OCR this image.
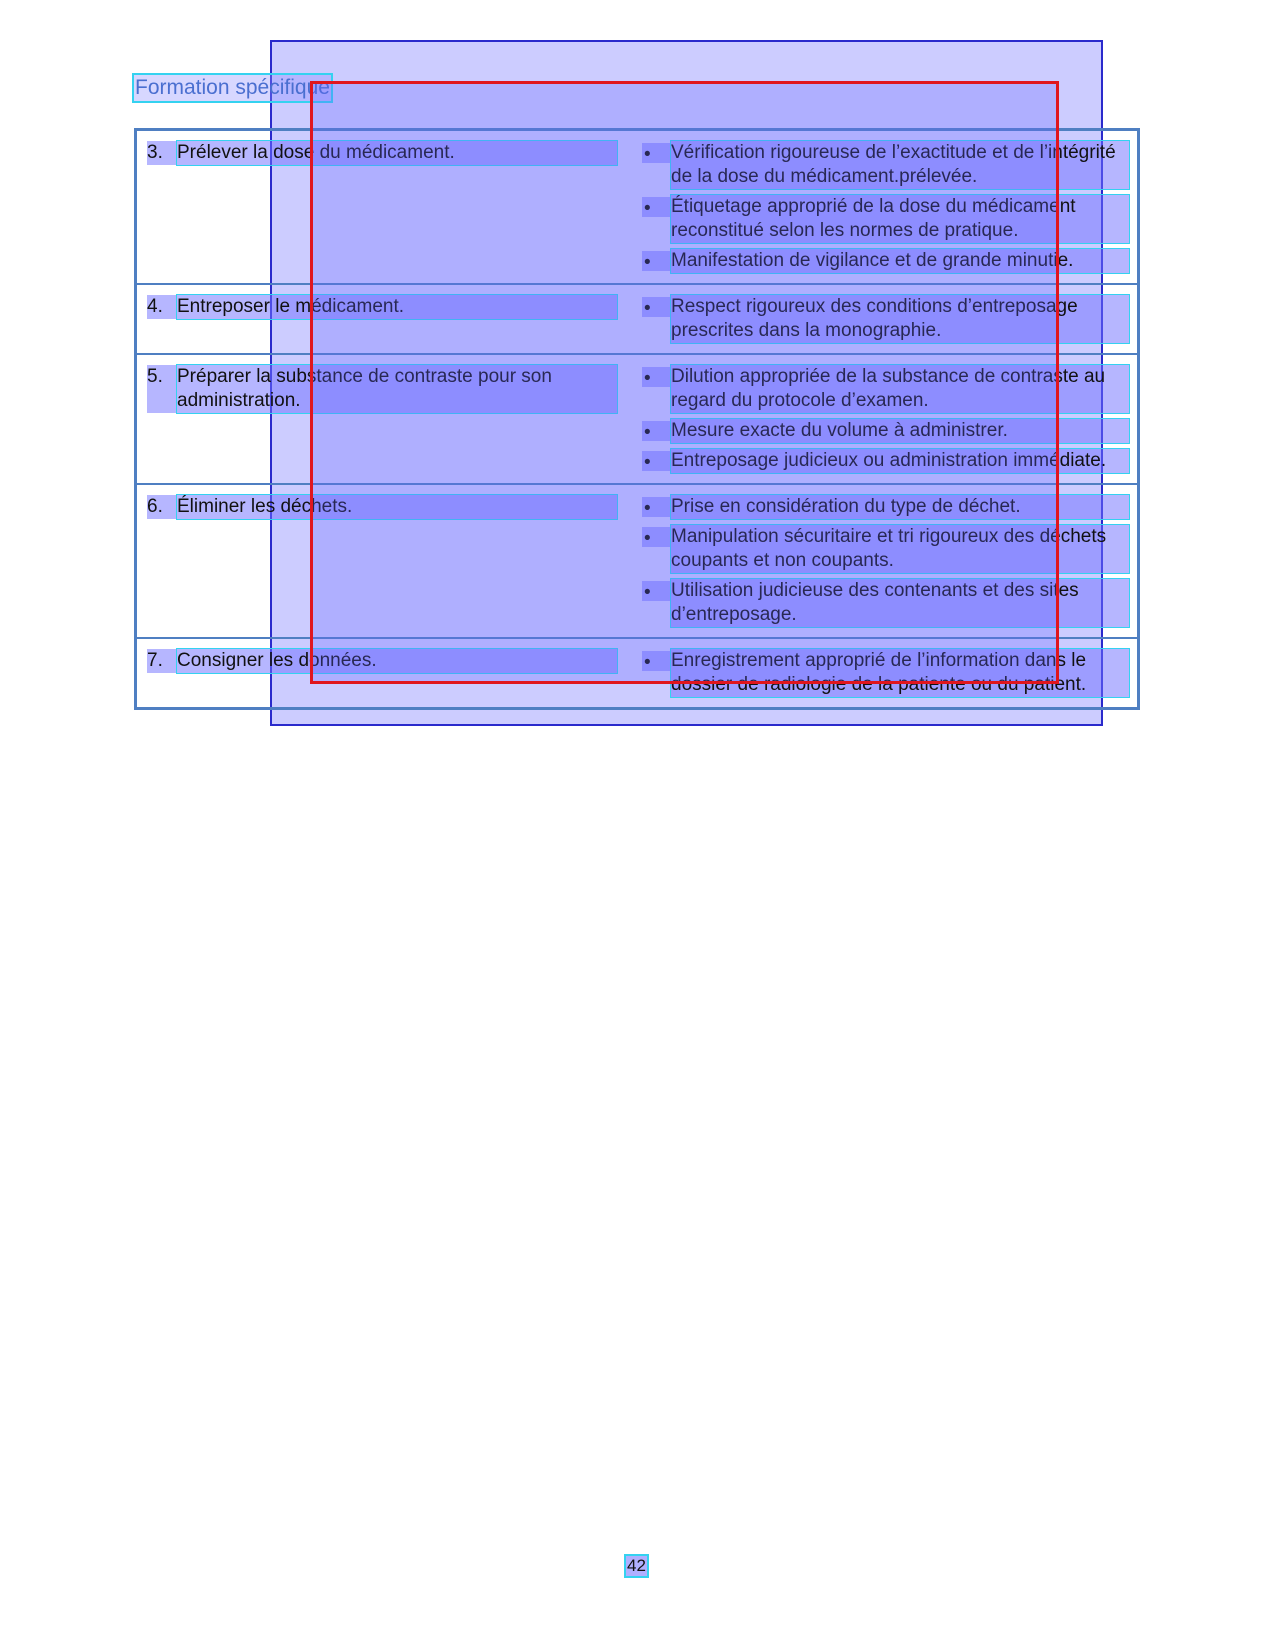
Formation spécifique
3. Prélever la dose du médicament.	•	Vérification rigoureuse de l’exactitude et de l’intégrité de la dose du médicament.prélevée.
•	Étiquetage approprié de la dose du médicament reconstitué selon les normes de pratique.
•	Manifestation de vigilance et de grande minutie.
4. Entreposer le médicament.	•	Respect rigoureux des conditions d’entreposage prescrites dans la monographie.
5. Préparer la substance de contraste pour son administration.
•	Dilution appropriée de la substance de contraste au regard du protocole d’examen.
•	Mesure exacte du volume à administrer.
•	Entreposage judicieux ou administration immédiate.
6. Éliminer les déchets.	•	Prise en considération du type de déchet.
•	Manipulation sécuritaire et tri rigoureux des déchets coupants et non coupants.
•	Utilisation judicieuse des contenants et des sites d’entreposage.
7. Consigner les données.	•	Enregistrement approprié de l’information dans le dossier de radiologie de la patiente ou du patient.
42
